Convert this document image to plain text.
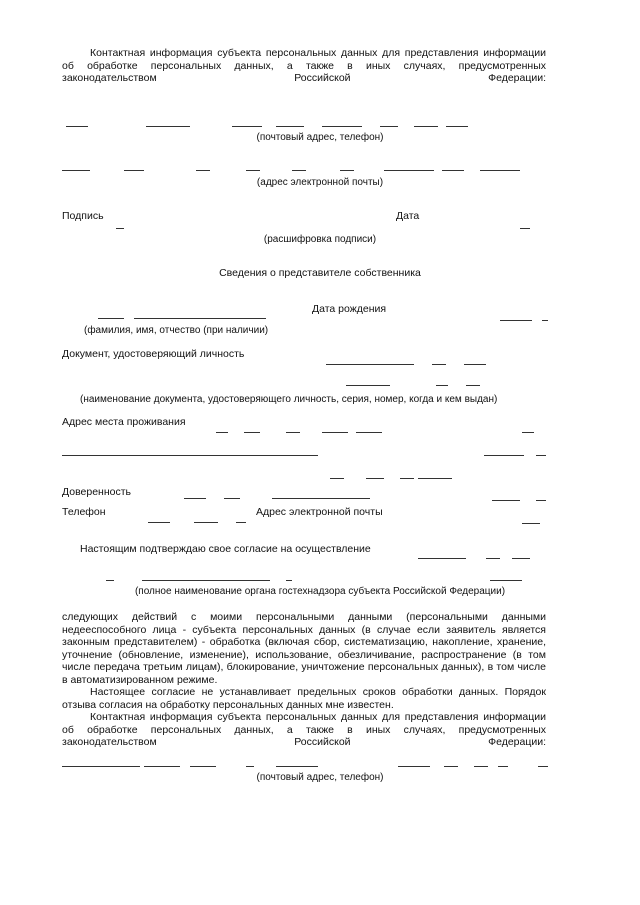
Контактная информация субъекта персональных данных для представления информации об обработке персональных данных, а также в иных случаях, предусмотренных законодательством Российской Федерации:
(почтовый адрес, телефон)
(адрес электронной почты)
Подпись	Дата
(расшифровка подписи)
Сведения о представителе собственника
Дата рождения
(фамилия, имя, отчество (при наличии)
Документ, удостоверяющий личность
(наименование документа, удостоверяющего личность, серия, номер, когда и кем выдан)
Адрес места проживания
Доверенность
Телефон	Адрес электронной почты
Настоящим подтверждаю свое согласие на осуществление
(полное наименование органа гостехнадзора субъекта Российской Федерации)
следующих действий с моими персональными данными (персональными данными недееспособного лица - субъекта персональных данных (в случае если заявитель является законным представителем) - обработка (включая сбор, систематизацию, накопление, хранение, уточнение (обновление, изменение), использование, обезличивание, распространение (в том числе передача третьим лицам), блокирование, уничтожение персональных данных), в том числе в автоматизированном режиме.
Настоящее согласие не устанавливает предельных сроков обработки данных. Порядок отзыва согласия на обработку персональных данных мне известен.
Контактная информация субъекта персональных данных для представления информации об обработке персональных данных, а также в иных случаях, предусмотренных законодательством Российской Федерации:
(почтовый адрес, телефон)
